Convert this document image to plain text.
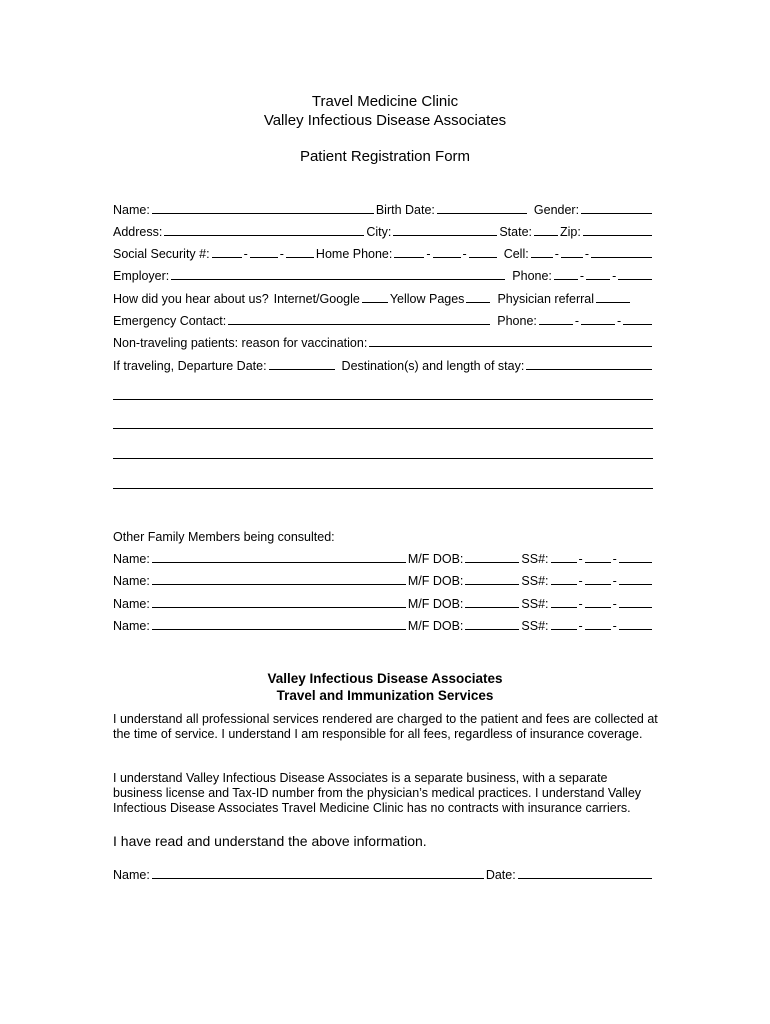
Travel Medicine Clinic
Valley Infectious Disease Associates
Patient Registration Form
Name:	Birth Date:	Gender:
Address:	City:	State: Zip:
Social Security #:	-	-	Home Phone:	-	-	Cell: - -
Employer:	Phone: - -
How did you hear about us? Internet/Google Yellow Pages	Physician referral
Emergency Contact:	Phone:	-	-
Non-traveling patients: reason for vaccination:
If traveling, Departure Date:	Destination(s) and length of stay:
Other Family Members being consulted:
Name:	M/F DOB:	SS#: - -
Name:	M/F DOB:	SS#: - -
Name:	M/F DOB:	SS#: - -
Name:	M/F DOB:	SS#: - -
Valley Infectious Disease Associates
Travel and Immunization Services
I understand all professional services rendered are charged to the patient and fees are collected at the time of service. I understand I am responsible for all fees, regardless of insurance coverage.
I understand Valley Infectious Disease Associates is a separate business, with a separate business license and Tax-ID number from the physician’s medical practices. I understand Valley Infectious Disease Associates Travel Medicine Clinic has no contracts with insurance carriers.
I have read and understand the above information.
Name:	Date:
